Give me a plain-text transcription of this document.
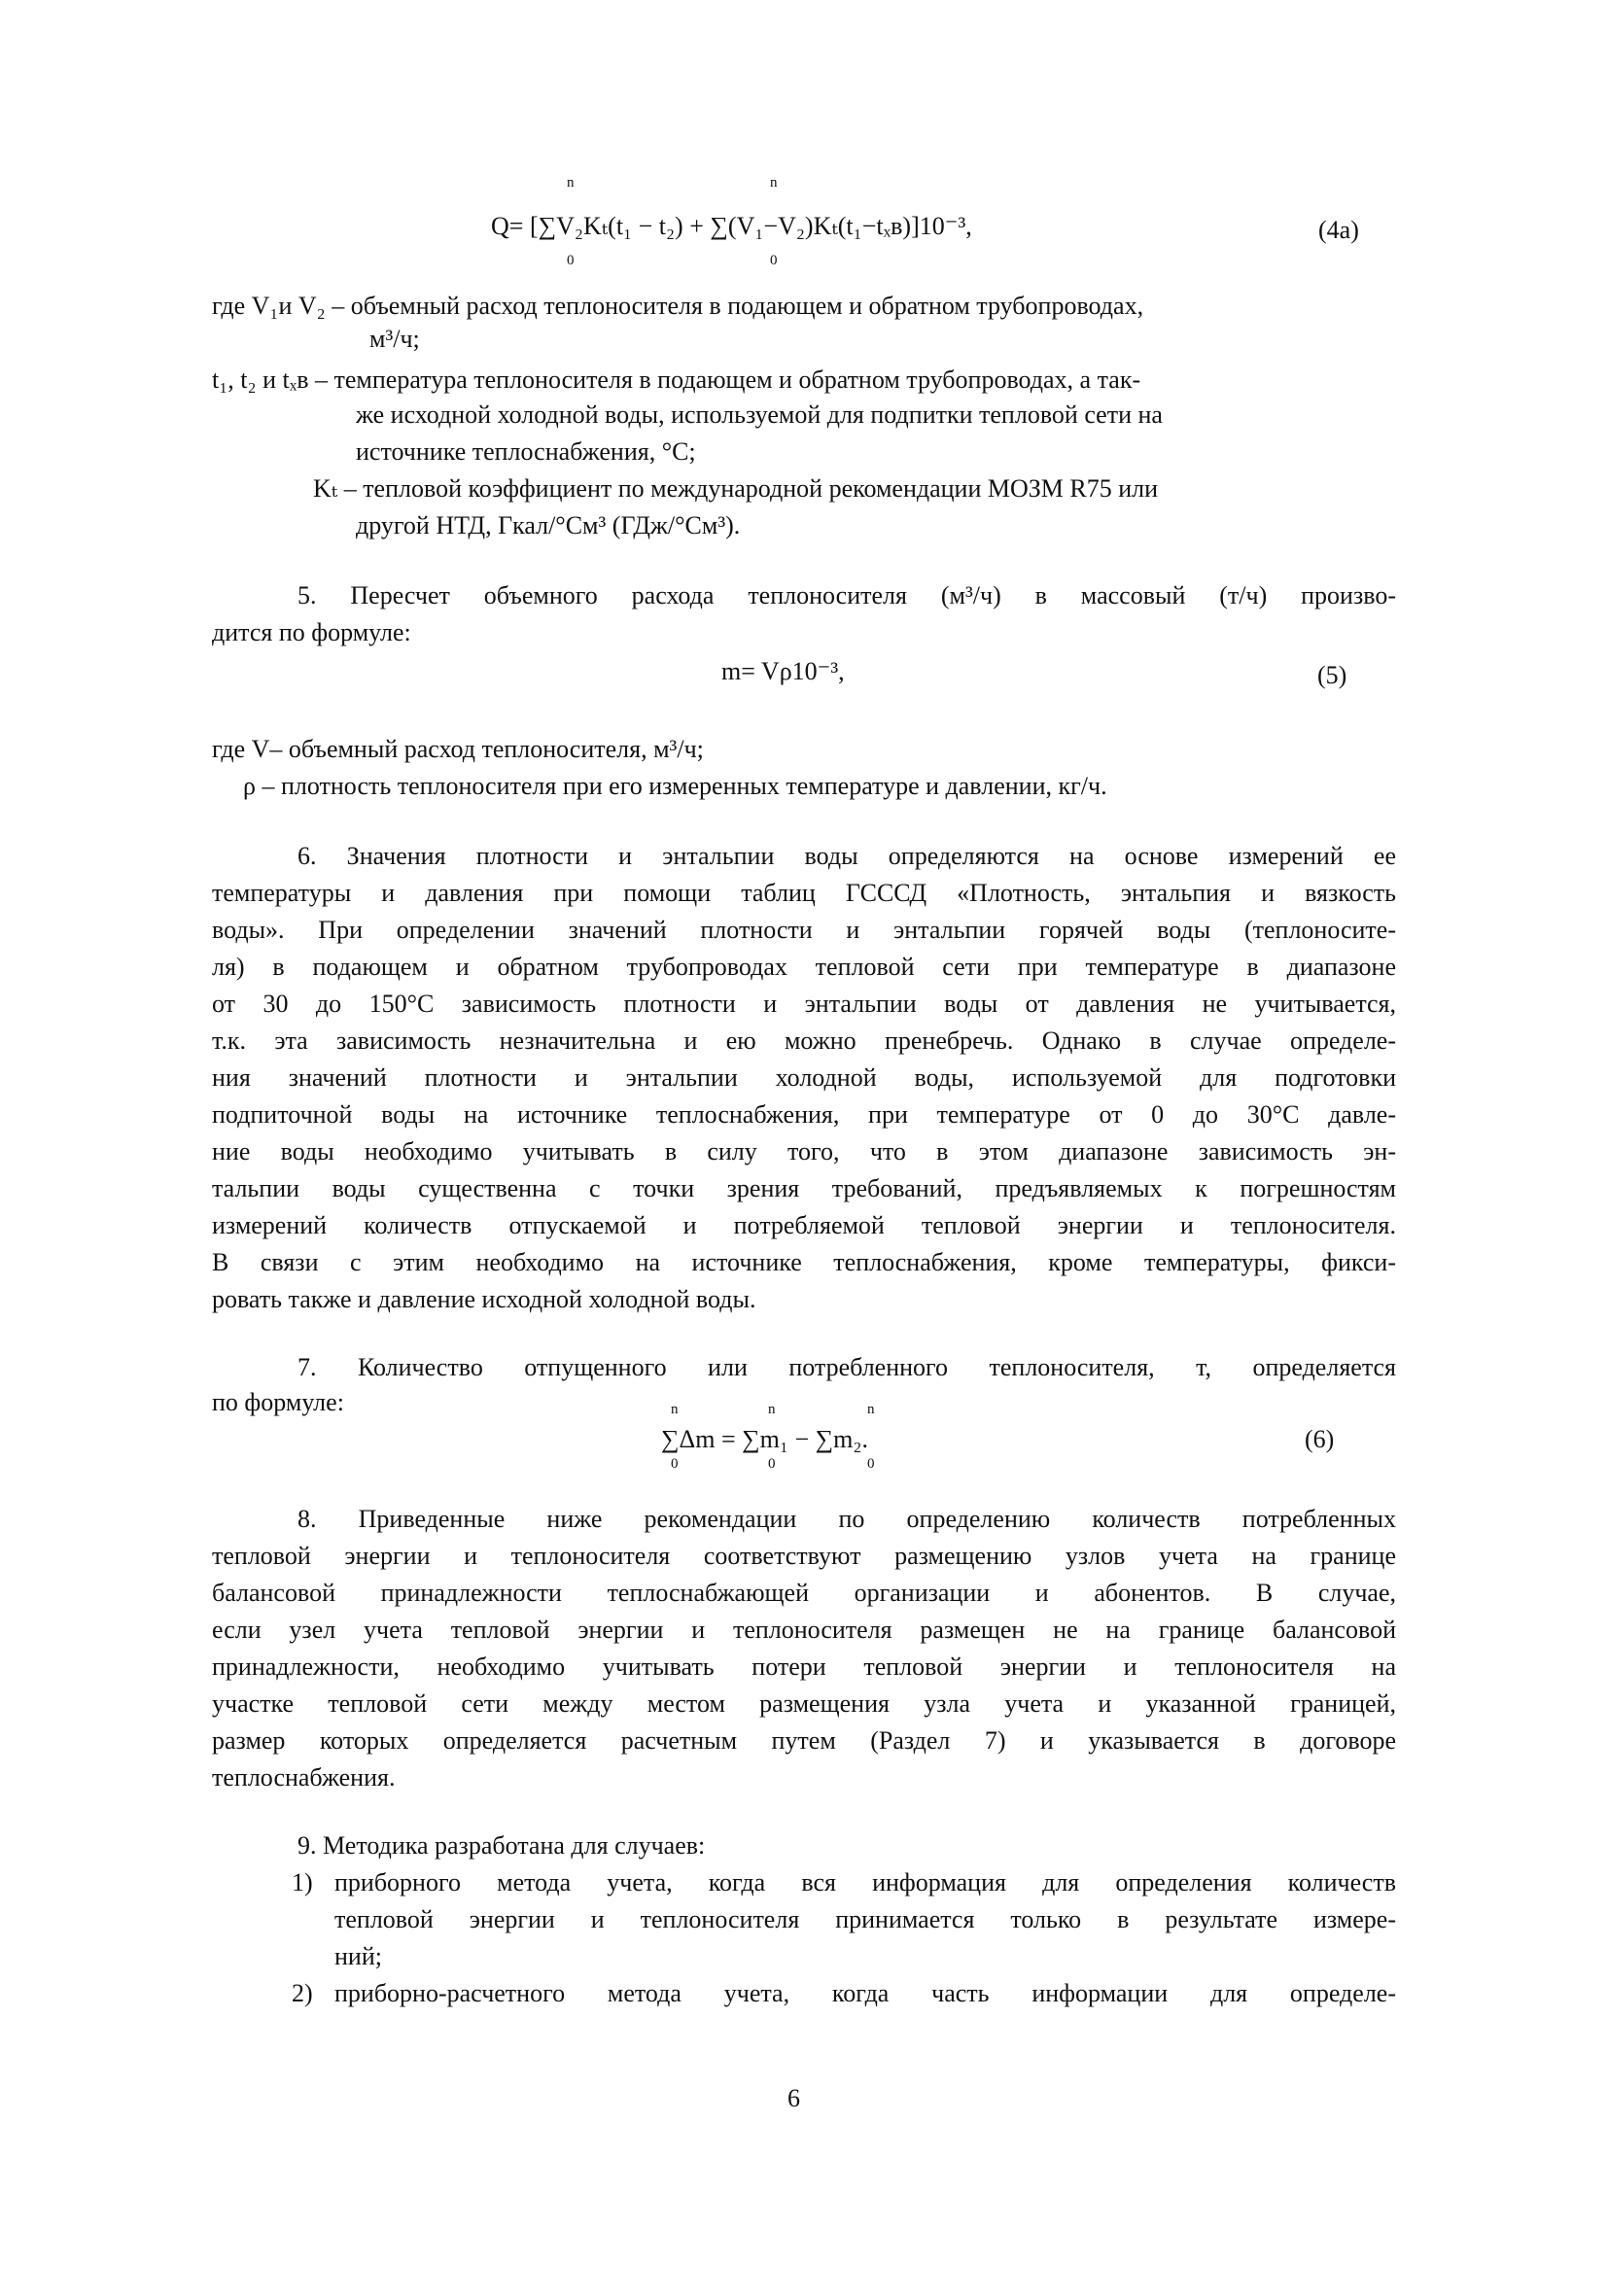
n	n
Q= [∑V₂Kₜ(t₁ − t₂) + ∑(V₁−V₂)Kₜ(t₁−tₓв)]10⁻³,
0	0
(4а)

где V₁и V₂ – объемный расход теплоносителя в подающем и обратном трубопроводах,

м³/ч;

t₁, t₂ и tₓв – температура теплоносителя в подающем и обратном трубопроводах, а так-

же исходной холодной воды, используемой для подпитки тепловой сети на

источнике теплоснабжения, °С;

Kₜ – тепловой коэффициент по международной рекомендации МОЗМ R75 или

другой НТД, Гкал/°См³ (ГДж/°См³).

5. Пересчет объемного расхода теплоносителя (м³/ч) в массовый (т/ч) произво-

дится по формуле:

m= Vρ10⁻³,	(5)

где V– объемный расход теплоносителя, м³/ч;

ρ – плотность теплоносителя при его измеренных температуре и давлении, кг/ч.

6. Значения плотности и энтальпии воды определяются на основе измерений ее

температуры и давления при помощи таблиц ГСССД «Плотность, энтальпия и вязкость

воды». При определении значений плотности и энтальпии горячей воды (теплоносите-

ля) в подающем и обратном трубопроводах тепловой сети при температуре в диапазоне

от 30 до 150°С зависимость плотности и энтальпии воды от давления не учитывается,

т.к. эта зависимость незначительна и ею можно пренебречь. Однако в случае определе-

ния значений плотности и энтальпии холодной воды, используемой для подготовки

подпиточной воды на источнике теплоснабжения, при температуре от 0 до 30°С давле-

ние воды необходимо учитывать в силу того, что в этом диапазоне зависимость эн-

тальпии воды существенна с точки зрения требований, предъявляемых к погрешностям

измерений количеств отпускаемой и потребляемой тепловой энергии и теплоносителя.

В связи с этим необходимо на источнике теплоснабжения, кроме температуры, фикси-

ровать также и давление исходной холодной воды.

7. Количество отпущенного или потребленного теплоносителя, т, определяется

по формуле:	n	n	n
∑Δm = ∑m₁ − ∑m₂.
0	0	0
(6)

8. Приведенные ниже рекомендации по определению количеств потребленных

тепловой энергии и теплоносителя соответствуют размещению узлов учета на границе

балансовой принадлежности теплоснабжающей организации и абонентов. В случае,

если узел учета тепловой энергии и теплоносителя размещен не на границе балансовой

принадлежности, необходимо учитывать потери тепловой энергии и теплоносителя на

участке тепловой сети между местом размещения узла учета и указанной границей,

размер которых определяется расчетным путем (Раздел 7) и указывается в договоре

теплоснабжения.

9. Методика разработана для случаев:

1) приборного метода учета, когда вся информация для определения количеств

тепловой энергии и теплоносителя принимается только в результате измере-

ний;

2) приборно-расчетного метода учета, когда часть информации для определе-

6
